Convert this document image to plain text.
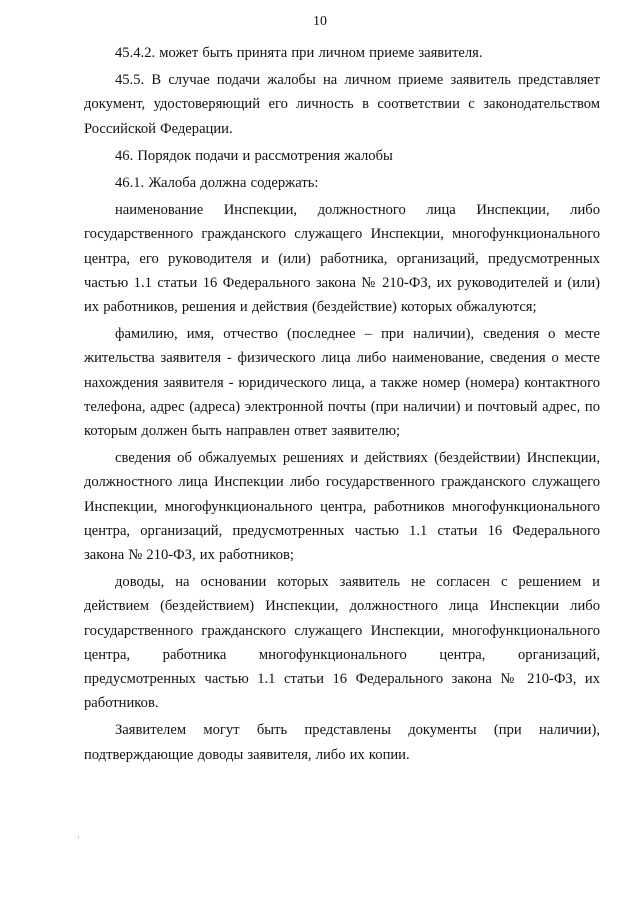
10

45.4.2. может быть принята при личном приеме заявителя.

45.5. В случае подачи жалобы на личном приеме заявитель представляет документ, удостоверяющий его личность в соответствии с законодательством Российской Федерации.

46. Порядок подачи и рассмотрения жалобы

46.1. Жалоба должна содержать:

наименование Инспекции, должностного лица Инспекции, либо государственного гражданского служащего Инспекции, многофункционального центра, его руководителя и (или) работника, организаций, предусмотренных частью 1.1 статьи 16 Федерального закона № 210-ФЗ, их руководителей и (или) их работников, решения и действия (бездействие) которых обжалуются;

фамилию, имя, отчество (последнее – при наличии), сведения о месте жительства заявителя - физического лица либо наименование, сведения о месте нахождения заявителя - юридического лица, а также номер (номера) контактного телефона, адрес (адреса) электронной почты (при наличии) и почтовый адрес, по которым должен быть направлен ответ заявителю;

сведения об обжалуемых решениях и действиях (бездействии) Инспекции, должностного лица Инспекции либо государственного гражданского служащего Инспекции, многофункционального центра, работников многофункционального центра, организаций, предусмотренных частью 1.1 статьи 16 Федерального закона № 210-ФЗ, их работников;

доводы, на основании которых заявитель не согласен с решением и действием (бездействием) Инспекции, должностного лица Инспекции либо государственного гражданского служащего Инспекции, многофункционального центра, работника многофункционального центра, организаций, предусмотренных частью 1.1 статьи 16 Федерального закона № 210-ФЗ, их работников.

Заявителем могут быть представлены документы (при наличии), подтверждающие доводы заявителя, либо их копии.
